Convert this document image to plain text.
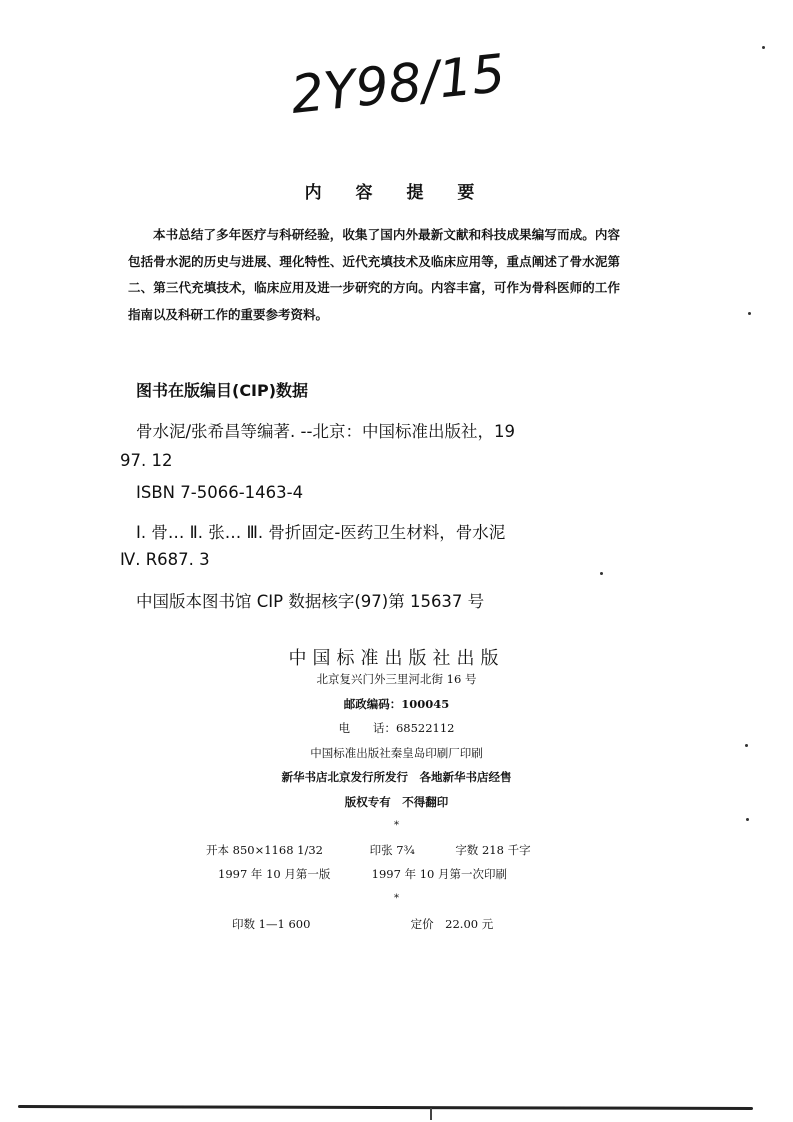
2Y98/15
内 容 提 要
本书总结了多年医疗与科研经验，收集了国内外最新文献和科技成果编写而成。内容包括骨水泥的历史与进展、理化特性、近代充填技术及临床应用等，重点阐述了骨水泥第二、第三代充填技术，临床应用及进一步研究的方向。内容丰富，可作为骨科医师的工作指南以及科研工作的重要参考资料。
图书在版编目(CIP)数据
骨水泥/张希昌等编著. --北京：中国标准出版社，19
97. 12
ISBN 7-5066-1463-4
Ⅰ. 骨… Ⅱ. 张… Ⅲ. 骨折固定-医药卫生材料，骨水泥
Ⅳ. R687. 3
中国版本图书馆 CIP 数据核字(97)第 15637 号
中国标准出版社出版
北京复兴门外三里河北街 16 号
邮政编码：100045
电　　话：68522112
中国标准出版社秦皇岛印刷厂印刷
新华书店北京发行所发行　各地新华书店经售
版权专有　不得翻印
*
开本 850×1168 1/32	印张 7¾	字数 218 千字
1997 年 10 月第一版	1997 年 10 月第一次印刷
*
印数 1—1 600	定价　22.00 元
